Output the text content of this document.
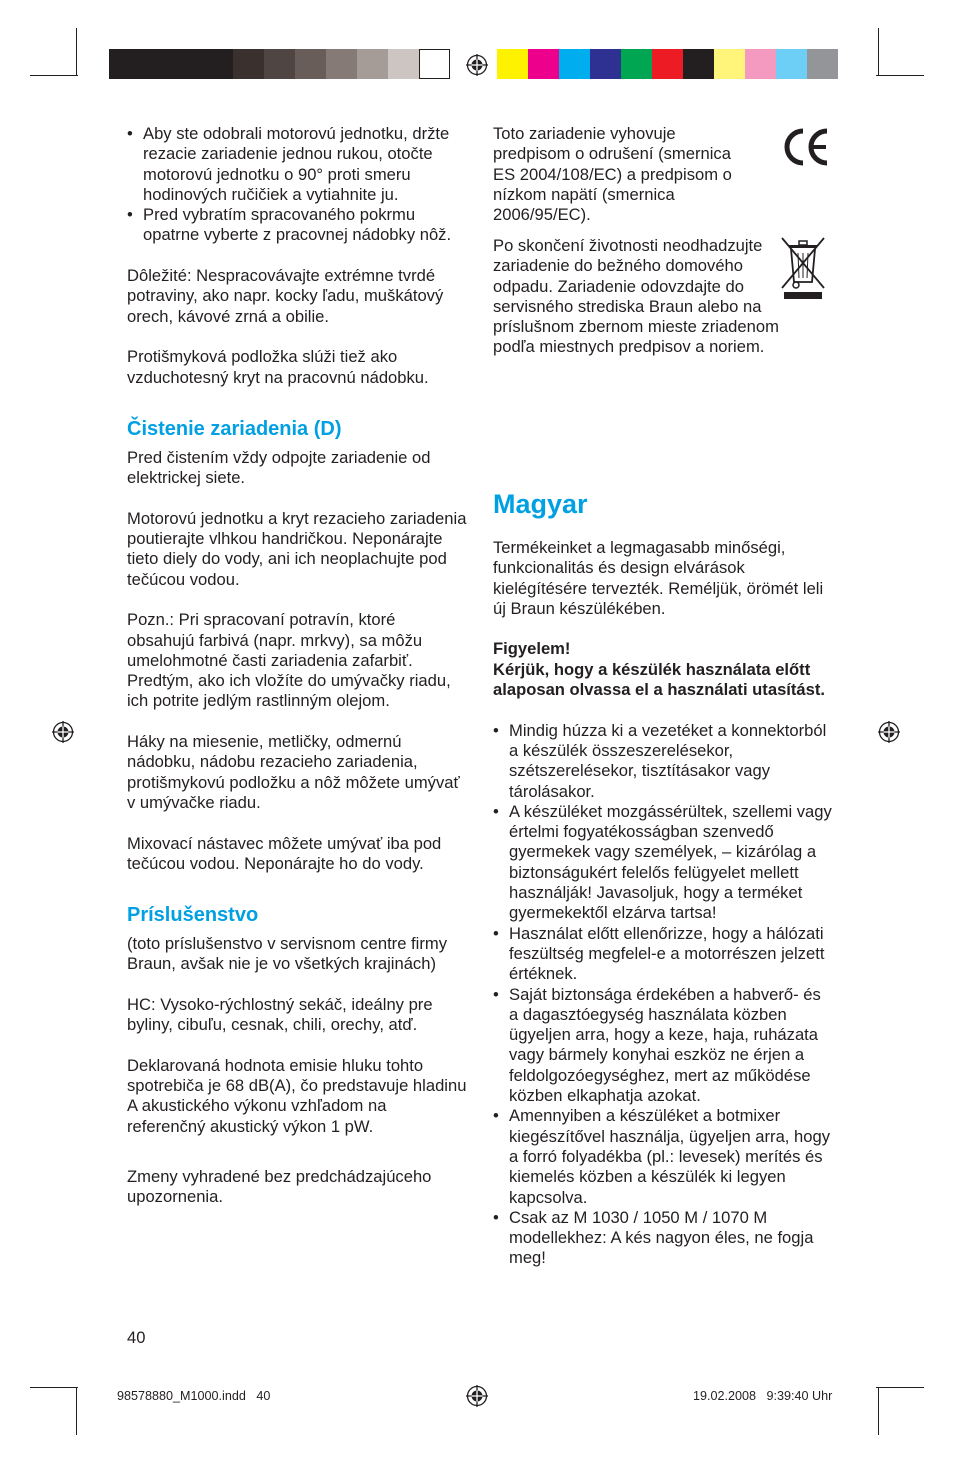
• Aby ste odobrali motorovú jednotku, držte rezacie zariadenie jednou rukou, otočte motorovú jednotku o 90° proti smeru hodinových ručičiek a vytiahnite ju.
• Pred vybratím spracovaného pokrmu opatrne vyberte z pracovnej nádobky nôž.

Dôležité: Nespracovávajte extrémne tvrdé potraviny, ako napr. kocky ľadu, muškátový orech, kávové zrná a obilie.

Protišmyková podložka slúži tiež ako vzduchotesný kryt na pracovnú nádobku.

Čistenie zariadenia (D)

Pred čistením vždy odpojte zariadenie od elektrickej siete.

Motorovú jednotku a kryt rezacieho zariadenia poutierajte vlhkou handričkou. Neponárajte tieto diely do vody, ani ich neoplachujte pod tečúcou vodou.

Pozn.: Pri spracovaní potravín, ktoré obsahujú farbivá (napr. mrkvy), sa môžu umelohmotné časti zariadenia zafarbiť. Predtým, ako ich vložíte do umývačky riadu, ich potrite jedlým rastlinným olejom.

Háky na miesenie, metličky, odmernú nádobku, nádobu rezacieho zariadenia, protišmykovú podložku a nôž môžete umývať v umývačke riadu.

Mixovací nástavec môžete umývať iba pod tečúcou vodou. Neponárajte ho do vody.

Príslušenstvo

(toto príslušenstvo v servisnom centre firmy Braun, avšak nie je vo všetkých krajinách)

HC: Vysoko-rýchlostný sekáč, ideálny pre byliny, cibuľu, cesnak, chili, orechy, atď.

Deklarovaná hodnota emisie hluku tohto spotrebiča je 68 dB(A), čo predstavuje hladinu A akustického výkonu vzhľadom na referenčný akustický výkon 1 pW.

Zmeny vyhradené bez predchádzajúceho upozornenia.

40
Toto zariadenie vyhovuje predpisom o odrušení (smernica ES 2004/108/EC) a predpisom o nízkom napätí (smernica 2006/95/EC).
CE
Po skončení životnosti neodhadzujte zariadenie do bežného domového odpadu. Zariadenie odovzdajte do servisného strediska Braun alebo na príslušnom zbernom mieste zriadenom podľa miestnych predpisov a noriem.
Magyar

Termékeinket a legmagasabb minőségi, funkcionalitás és design elvárások kielégítésére tervezték. Reméljük, örömét leli új Braun készülékében.

Figyelem!
Kérjük, hogy a készülék használata előtt alaposan olvassa el a használati utasítást.

• Mindig húzza ki a vezetéket a konnektorból a készülék összeszerelésekor, szétszerelésekor, tisztításakor vagy tárolásakor.
• A készüléket mozgássérültek, szellemi vagy értelmi fogyatékosságban szenvedő gyermekek vagy személyek, – kizárólag a biztonságukért felelős felügyelet mellett használják! Javasoljuk, hogy a terméket gyermekektől elzárva tartsa!
• Használat előtt ellenőrizze, hogy a hálózati feszültség megfelel-e a motorrészen jelzett értéknek.
• Saját biztonsága érdekében a habverő- és a dagasztóegység használata közben ügyeljen arra, hogy a keze, haja, ruházata vagy bármely konyhai eszköz ne érjen a feldolgozóegységhez, mert az működése közben elkaphatja azokat.
• Amennyiben a készüléket a botmixer kiegészítővel használja, ügyeljen arra, hogy a forró folyadékba (pl.: levesek) merítés és kiemelés közben a készülék ki legyen kapcsolva.
• Csak az M 1030 / 1050 M / 1070 M modellekhez: A kés nagyon éles, ne fogja meg!
98578880_M1000.indd   40	19.02.2008   9:39:40 Uhr
